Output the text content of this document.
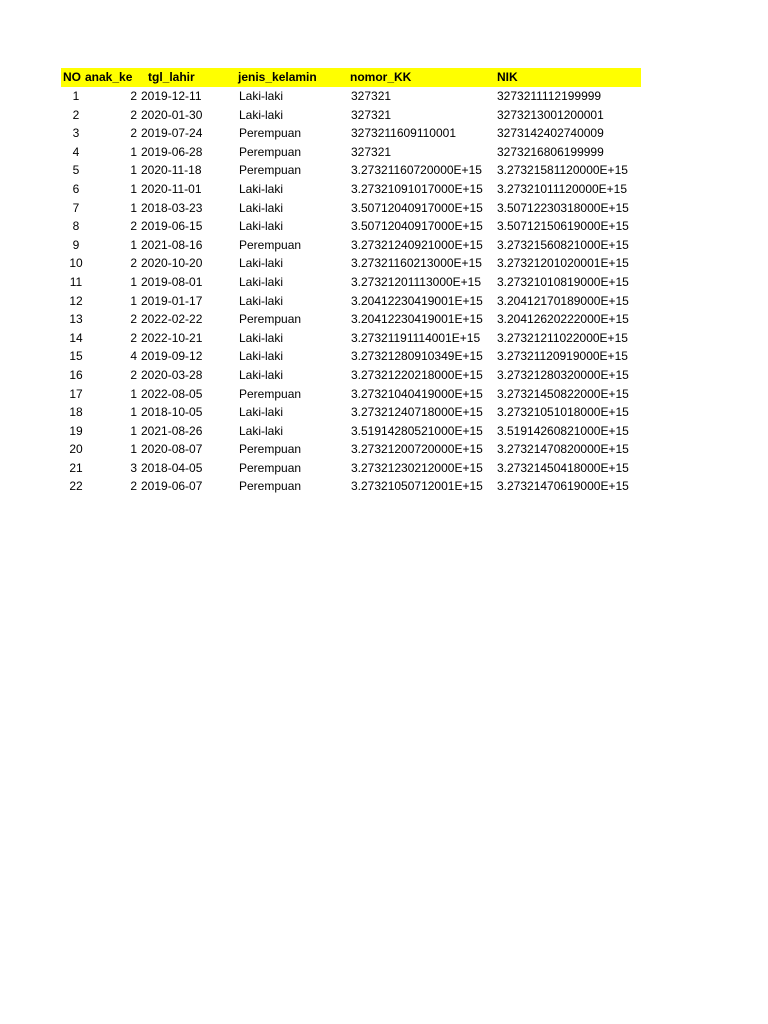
NO anak_ke tgl_lahir	jenis_kelamin	nomor_KK	NIK
1	2 2019-12-11	Laki-laki	327321	3273211112199999
2	2 2020-01-30	Laki-laki	327321	3273213001200001
3	2 2019-07-24	Perempuan	3273211609110001	3273142402740009
4	1 2019-06-28	Perempuan	327321	3273216806199999
5	1 2020-11-18	Perempuan	3.27321160720000E+15 3.27321581120000E+15
6	1 2020-11-01	Laki-laki	3.27321091017000E+15 3.27321011120000E+15
7	1 2018-03-23	Laki-laki	3.50712040917000E+15 3.50712230318000E+15
8	2 2019-06-15	Laki-laki	3.50712040917000E+15 3.50712150619000E+15
9	1 2021-08-16	Perempuan	3.27321240921000E+15 3.27321560821000E+15
10	2 2020-10-20	Laki-laki	3.27321160213000E+15 3.27321201020001E+15
11	1 2019-08-01	Laki-laki	3.27321201113000E+15 3.27321010819000E+15
12	1 2019-01-17	Laki-laki	3.20412230419001E+15 3.20412170189000E+15
13	2 2022-02-22	Perempuan	3.20412230419001E+15 3.20412620222000E+15
14	2 2022-10-21	Laki-laki	3.27321191114001E+15 3.27321211022000E+15
15	4 2019-09-12	Laki-laki	3.27321280910349E+15 3.27321120919000E+15
16	2 2020-03-28	Laki-laki	3.27321220218000E+15 3.27321280320000E+15
17	1 2022-08-05	Perempuan	3.27321040419000E+15 3.27321450822000E+15
18	1 2018-10-05	Laki-laki	3.27321240718000E+15 3.27321051018000E+15
19	1 2021-08-26	Laki-laki	3.51914280521000E+15 3.51914260821000E+15
20	1 2020-08-07	Perempuan	3.27321200720000E+15 3.27321470820000E+15
21	3 2018-04-05	Perempuan	3.27321230212000E+15 3.27321450418000E+15
22	2 2019-06-07	Perempuan	3.27321050712001E+15 3.27321470619000E+15
